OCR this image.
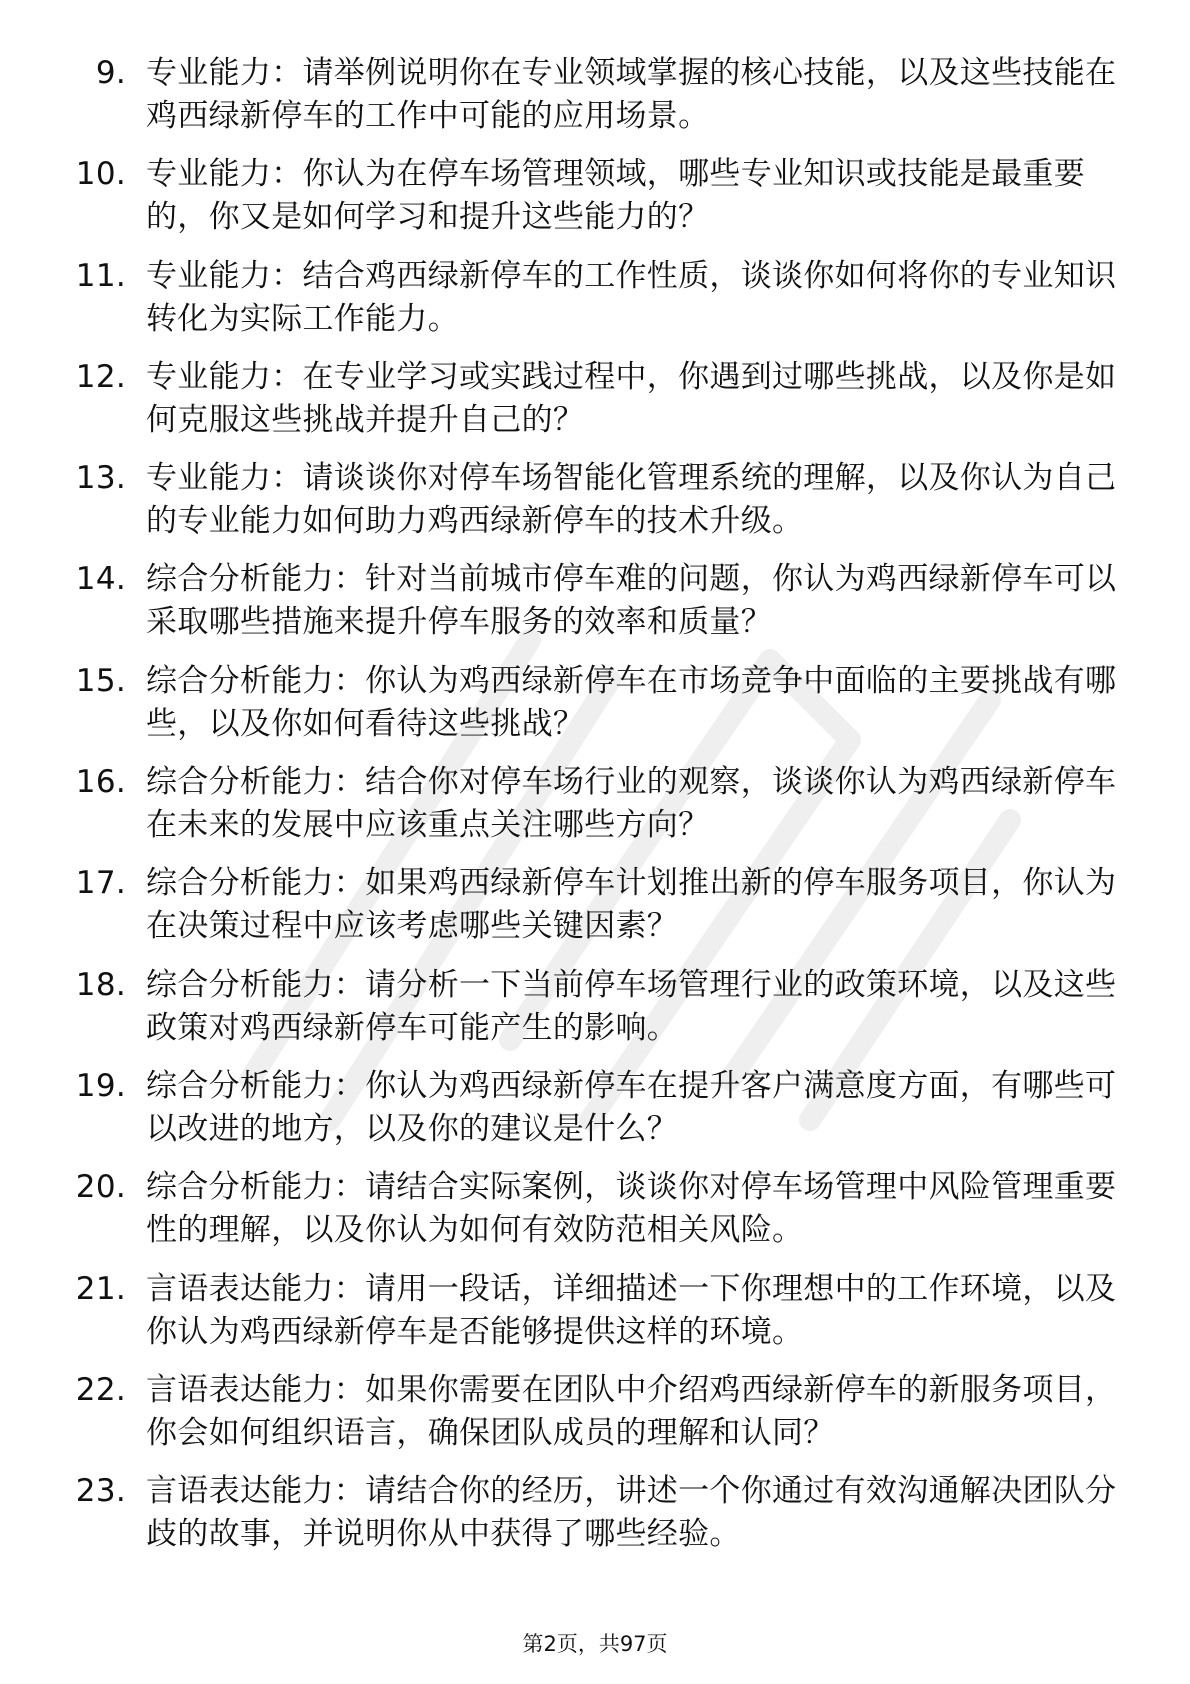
9 . 专业能力：请举例说明你在专业领域掌握的核心技能，以及这些技能在鸡西绿新停车的工作中可能的应用场景。
10 . 专业能力：你认为在停车场管理领域，哪些专业知识或技能是最重要的，你又是如何学习和提升这些能力的？
11 . 专业能力：结合鸡西绿新停车的工作性质，谈谈你如何将你的专业知识转化为实际工作能力。
12 . 专业能力：在专业学习或实践过程中，你遇到过哪些挑战，以及你是如何克服这些挑战并提升自己的？
13 . 专业能力：请谈谈你对停车场智能化管理系统的理解，以及你认为自己的专业能力如何助力鸡西绿新停车的技术升级。
14 . 综合分析能力：针对当前城市停车难的问题，你认为鸡西绿新停车可以采取哪些措施来提升停车服务的效率和质量？
15 . 综合分析能力：你认为鸡西绿新停车在市场竞争中面临的主要挑战有哪些，以及你如何看待这些挑战？
16 . 综合分析能力：结合你对停车场行业的观察，谈谈你认为鸡西绿新停车在未来的发展中应该重点关注哪些方向？
17 . 综合分析能力：如果鸡西绿新停车计划推出新的停车服务项目，你认为在决策过程中应该考虑哪些关键因素？
18 . 综合分析能力：请分析一下当前停车场管理行业的政策环境，以及这些政策对鸡西绿新停车可能产生的影响。
19 . 综合分析能力：你认为鸡西绿新停车在提升客户满意度方面，有哪些可以改进的地方，以及你的建议是什么？
20 . 综合分析能力：请结合实际案例，谈谈你对停车场管理中风险管理重要性的理解，以及你认为如何有效防范相关风险。
21 . 言语表达能力：请用一段话，详细描述一下你理想中的工作环境，以及你认为鸡西绿新停车是否能够提供这样的环境。
22 . 言语表达能力：如果你需要在团队中介绍鸡西绿新停车的新服务项目，你会如何组织语言，确保团队成员的理解和认同？
23 . 言语表达能力：请结合你的经历，讲述一个你通过有效沟通解决团队分歧的故事，并说明你从中获得了哪些经验。
第2页，共97页
